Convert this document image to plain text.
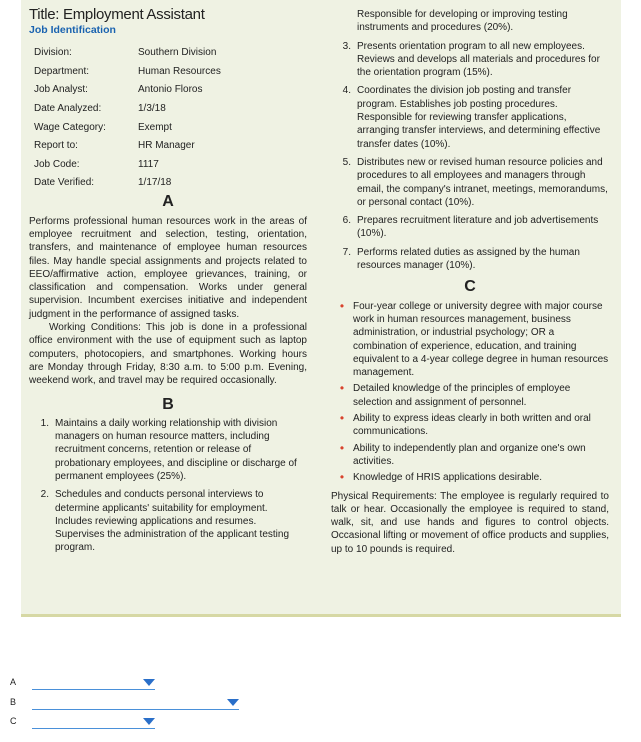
Title: Employment Assistant
Job Identification
Division:	Southern Division
Department:	Human Resources
Job Analyst:	Antonio Floros
Date Analyzed:	1/3/18
Wage Category:	Exempt
Report to:	HR Manager
Job Code:	1117
Date Verified:	1/17/18
A

Performs professional human resources work in the areas of employee recruitment and selection, testing, orientation, transfers, and maintenance of employee human resources files. May handle special assignments and projects related to EEO/affirmative action, employee grievances, training, or classification and compensation. Works under general supervision. Incumbent exercises initiative and independent judgment in the performance of assigned tasks.

Working Conditions: This job is done in a professional office environment with the use of equipment such as laptop computers, photocopiers, and smartphones. Working hours are Monday through Friday, 8:30 a.m. to 5:00 p.m. Evening, weekend work, and travel may be required occasionally.

B
1. Maintains a daily working relationship with division managers on human resource matters, including recruitment concerns, retention or release of probationary employees, and discipline or discharge of permanent employees (25%).
2. Schedules and conducts personal interviews to determine applicants' suitability for employment. Includes reviewing applications and resumes. Supervises the administration of the applicant testing program.
Responsible for developing or improving testing instruments and procedures (20%).
3. Presents orientation program to all new employees. Reviews and develops all materials and procedures for the orientation program (15%).
4. Coordinates the division job posting and transfer program. Establishes job posting procedures. Responsible for reviewing transfer applications, arranging transfer interviews, and determining effective transfer dates (10%).
5. Distributes new or revised human resource policies and procedures to all employees and managers through email, the company's intranet, meetings, memorandums, or personal contact (10%).
6. Prepares recruitment literature and job advertisements (10%).
7. Performs related duties as assigned by the human resources manager (10%).
C
• Four-year college or university degree with major course work in human resources management, business administration, or industrial psychology; OR a combination of experience, education, and training equivalent to a 4-year college degree in human resources management.
• Detailed knowledge of the principles of employee selection and assignment of personnel.
• Ability to express ideas clearly in both written and oral communications.
• Ability to independently plan and organize one's own activities.
• Knowledge of HRIS applications desirable.

Physical Requirements: The employee is regularly required to talk or hear. Occasionally the employee is required to stand, walk, sit, and use hands and figures to control objects. Occasional lifting or movement of office products and supplies, up to 10 pounds is required.

A
B
C
